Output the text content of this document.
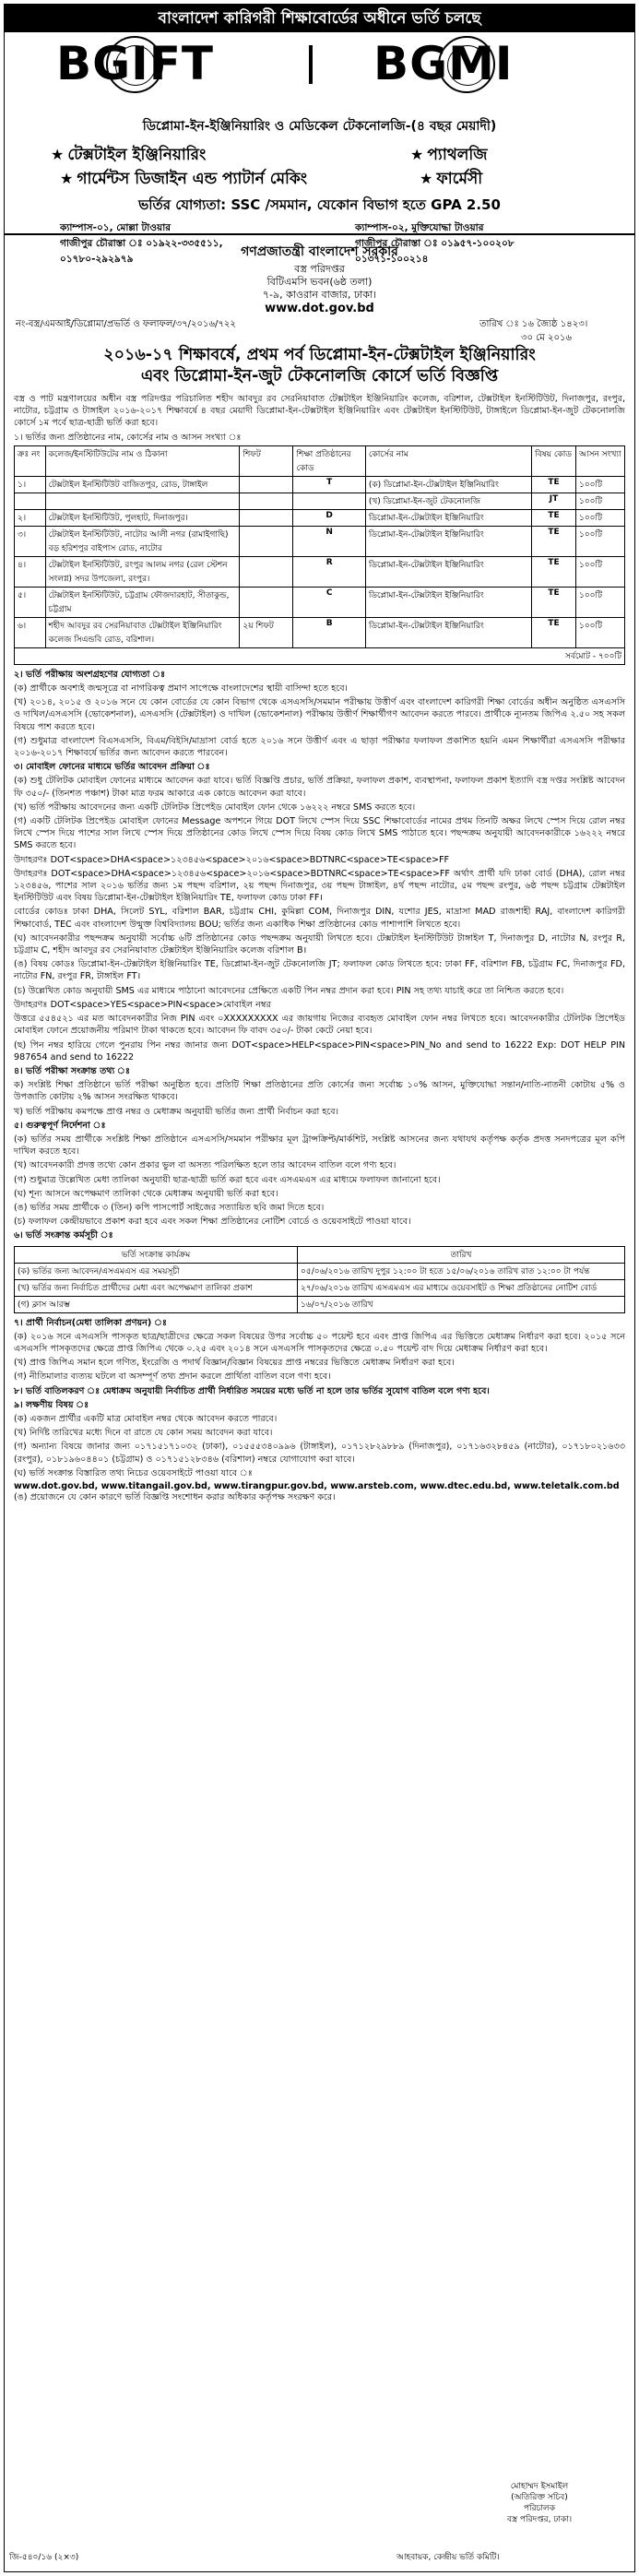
বাংলাদেশ কারিগরী শিক্ষাবোর্ডের অধীনে ভর্তি চলছে
BGIFT	BGMI
ডিপ্লোমা-ইন-ইঞ্জিনিয়ারিং ও মেডিকেল টেকনোলজি-(৪ বছর মেয়াদী)
★ টেক্সটাইল ইঞ্জিনিয়ারিং	★ প্যাথলজি
★ গার্মেন্টস ডিজাইন এন্ড প্যাটার্ন মেকিং	★ ফার্মেসী
ভর্তির যোগ্যতা: SSC /সমমান, যেকোন বিভাগ হতে GPA 2.50
ক্যাম্পাস-০১, মোল্লা টাওয়ার
গাজীপুর চৌরাস্তা ঃ ০১৯২২-৩৩৫৫১১,
০১৭৮০-২৯২৯৭৯
ক্যাম্পাস-০২, মুক্তিযোদ্ধা টাওয়ার
গাজীপুর চৌরাস্তা ঃ ০১৯৫৭-১০০২০৮
০১৩৭১-১০০২১৪
গণপ্রজাতন্ত্রী বাংলাদেশ সরকার
বস্ত্র পরিদপ্তর
বিটিএমসি ভবন(৬ষ্ঠ তলা)
৭-৯, কাওরান বাজার, ঢাকা।
www.dot.gov.bd
নং-বস্ত্র/এমআই/ডিপ্লোমা/প্রভর্তি ও ফলাফল/৩৭/২০১৬/৭২২	তারিখ ঃ ১৬ জ্যৈষ্ঠ ১৪২৩।
৩০ মে ২০১৬
২০১৬-১৭ শিক্ষাবর্ষে, প্রথম পর্ব ডিপ্লোমা-ইন-টেক্সটাইল ইঞ্জিনিয়ারিং
এবং ডিপ্লোমা-ইন-জুট টেকনোলজি কোর্সে ভর্তি বিজ্ঞপ্তি

বস্ত্র ও পাট মন্ত্রণালয়ের অধীন বস্ত্র পরিদপ্তর পরিচালিত শহীদ আবদুর রব সেরনিয়াবাত টেক্সটাইল ইঞ্জিনিয়ারিং কলেজ, বরিশাল, টেক্সটাইল ইনস্টিটিউট, দিনাজপুর, রংপুর, নাটোর, চট্টগ্রাম ও টাঙ্গাইল ২০১৬-২০১৭ শিক্ষাবর্ষে ৪ বছর মেয়াদী ডিপ্লোমা-ইন-টেক্সটাইল ইঞ্জিনিয়ারিং এবং টেক্সটাইল ইনস্টিটিউট, টাঙ্গাইলে ডিপ্লোমা-ইন-জুট টেকনোলজি কোর্সে ১ম পর্বে ছাত্র-ছাত্রী ভর্তি করা হবে।

১। ভর্তির জন্য প্রতিষ্ঠানের নাম, কোর্সের নাম ও আসন সংখ্যা ঃ

ক্রঃ নং	কলেজ/ইনস্টিটিউটের নাম ও ঠিকানা	শিফট	শিক্ষা প্রতিষ্ঠানের কোড	কোর্সের নাম	বিষয় কোড	আসন সংখ্যা
১।	টেক্সটাইল ইনস্টিটিউট বাজিতপুর, রোড, টাঙ্গাইল		T	(ক) ডিপ্লোমা-ইন-টেক্সটাইল ইঞ্জিনিয়ারিং	TE	১০০টি
				(খ) ডিপ্লোমা-ইন-জুট টেকনোলজি	JT	১০০টি
২।	টেক্সটাইল ইনস্টিটিউট, পুলহাট, দিনাজপুর।		D	ডিপ্লোমা-ইন-টেক্সটাইল ইঞ্জিনিয়ারিং	TE	১০০টি
৩।	টেক্সটাইল ইনস্টিটিউট, নাটোর আলী নগর (রামাইগাছি) বড় হরিশপুর বাইপাস রোড, নাটোর		N	ডিপ্লোমা-ইন-টেক্সটাইল ইঞ্জিনিয়ারিং	TE	১০০টি
৪।	টেক্সটাইল ইনস্টিটিউট, রংপুর আলম নগর (রেল স্টেশন সংলগ্ন) সদর উপজেলা, রংপুর।		R	ডিপ্লোমা-ইন-টেক্সটাইল ইঞ্জিনিয়ারিং	TE	১০০টি
৫।	টেক্সটাইল ইনস্টিটিউট, চট্টগ্রাম ফৌজদারহাট, সীতাকুন্ড, চট্টগ্রাম		C	ডিপ্লোমা-ইন-টেক্সটাইল ইঞ্জিনিয়ারিং	TE	১০০টি
৬।	শহীদ আবদুর রব সেরনিয়াবাত টেক্সটাইল ইঞ্জিনিয়ারিং কলেজ সিএন্ডবি রোড, বরিশাল।	২য় শিফট	B	ডিপ্লোমা-ইন-টেক্সটাইল ইঞ্জিনিয়ারিং	TE	১০০টি
সর্বমোট - ৭০০টি						

২। ভর্তি পরীক্ষায় অংশগ্রহণের যোগ্যতা ঃ

(ক) প্রার্থীকে অবশ্যই জন্মসূত্রে বা নাগরিকত্ব প্রমাণ সাপেক্ষে বাংলাদেশের স্থায়ী বাসিন্দা হতে হবে।

(খ) ২০১৪, ২০১৫ ও ২০১৬ সনে যে কোন বোর্ডের যে কোন বিভাগ থেকে এসএসসি/সমমান পরীক্ষায় উত্তীর্ণ এবং বাংলাদেশ কারিগরী শিক্ষা বোর্ডের অধীন অনুষ্ঠিত এসএসসি ও দাখিল/এসএসসি (ভোকেশনাল), এসএসসি (টেক্সটাইল) ও দাখিল (ভোকেশনাল) পরীক্ষায় উত্তীর্ণ শিক্ষার্থীগণ আবেদন করতে পারবে। প্রার্থীকে ন্যূনতম জিপিএ ২.৫০ সহ সকল বিষয়ে পাশ করতে হবে।

(গ) শুধুমাত্র বাংলাদেশ বিএসএসসি, বিএম/বিইসি/মাদ্রাসা বোর্ড হতে ২০১৬ সনে উত্তীর্ণ এবং এ ছাড়া পরীক্ষার ফলাফল প্রকাশিত হয়নি এমন শিক্ষার্থীরা এসএসসি পরীক্ষার ২০১৬-২০১৭ শিক্ষাবর্ষে ভর্তির জন্য আবেদন করতে পারবেন।

৩। মোবাইল ফোনের মাধ্যমে ভর্তির আবেদন প্রক্রিয়া ঃ

(ক) শুধু টেলিটক মোবাইল ফোনের মাধ্যমে আবেদন করা যাবে। ভর্তি বিজ্ঞপ্তি প্রচার, ভর্তি প্রক্রিয়া, ফলাফল প্রকাশ, ব্যবস্থাপনা, ফলাফল প্রকাশ ইত্যাদি বস্ত্র দপ্তর সংশ্লিষ্ট আবেদন ফি ৩৫০/- (তিনশত পঞ্চাশ) টাকা মাত্র ফরম আকারে এক কোডে আবেদন করা যাবে।

(খ) ভর্তি পরীক্ষায় আবেদনের জন্য একটি টেলিটক প্রিপেইড মোবাইল ফোন থেকে ১৬২২২ নম্বরে SMS করতে হবে।

(গ) একটি টেলিটক প্রিপেইড মোবাইল ফোনের Message অপশনে গিয়ে DOT লিখে স্পেস দিয়ে SSC শিক্ষাবোর্ডের নামের প্রথম তিনটি অক্ষর লিখে স্পেস দিয়ে রোল নম্বর লিখে স্পেস দিয়ে পাশের সাল লিখে স্পেস দিয়ে প্রতিষ্ঠানের কোড লিখে স্পেস দিয়ে বিষয় কোড লিখে SMS পাঠাতে হবে। পছন্দক্রম অনুযায়ী আবেদনকারীকে ১৬২২২ নম্বরে SMS করতে হবে।

উদাহরণঃ DOT<space>DHA<space>১২৩৪৫৬<space>২০১৬<space>BDTNRC<space>TE<space>FF

উদাহরণঃ DOT<space>DHA<space>১২৩৪৫৬<space>২০১৬<space>BDTNRC<space>TE<space>FF অর্থাৎ প্রার্থী যদি ঢাকা বোর্ড (DHA), রোল নম্বর ১২৩৪৫৬, পাশের সাল ২০১৬ ভর্তির জন্য ১ম পছন্দ বরিশাল, ২য় পছন্দ দিনাজপুর, ৩য় পছন্দ টাঙ্গাইল, ৪র্থ পছন্দ নাটোর, ৫ম পছন্দ রংপুর, ৬ষ্ঠ পছন্দ চট্টগ্রাম টেক্সটাইল ইনস্টিটিউট এবং বিষয় ডিপ্লোমা-ইন-টেক্সটাইল ইঞ্জিনিয়ারিং TE, ফলাফল কোড ঢাকা FF।

বোর্ডের কোডঃ ঢাকা DHA, সিলেট SYL, বরিশাল BAR, চট্টগ্রাম CHI, কুমিল্লা COM, দিনাজপুর DIN, যশোর JES, মাদ্রাসা MAD রাজশাহী RAJ, বাংলাদেশ কারিগরী শিক্ষাবোর্ড, TEC এবং বাংলাদেশ উন্মুক্ত বিশ্ববিদ্যালয় BOU; ভর্তির জন্য একাধিক শিক্ষা প্রতিষ্ঠানের কোড পাশাপাশি লিখতে হবে।

(ঘ) আবেদনকারীর পছন্দক্রম অনুযায়ী সর্বোচ্চ ৬টি প্রতিষ্ঠানের কোড পছন্দক্রম অনুযায়ী লিখতে হবে। টেক্সটাইল ইনস্টিটিউট টাঙ্গাইল T, দিনাজপুর D, নাটোর N, রংপুর R, চট্টগ্রাম C, শহীদ আবদুর রব সেরনিয়াবাত টেক্সটাইল ইঞ্জিনিয়ারিং কলেজ বরিশাল B।

(ঙ) বিষয় কোডঃ ডিপ্লোমা-ইন-টেক্সটাইল ইঞ্জিনিয়ারিং TE, ডিপ্লোমা-ইন-জুট টেকনোলজি JT; ফলাফল কোড লিখতে হবে: ঢাকা FF, বরিশাল FB, চট্টগ্রাম FC, দিনাজপুর FD, নাটোর FN, রংপুর FR, টাঙ্গাইল FT।

(চ) উল্লেখিত কোড অনুযায়ী SMS এর মাধ্যমে পাঠানো আবেদনের প্রেক্ষিতে একটি পিন নম্বর প্রদান করা হবে। PIN সহ তথ্য যাচাই করে তা নিশ্চিত করতে হবে।

উদাহরণঃ DOT<space>YES<space>PIN<space>মোবাইল নম্বর

উত্তরে ৫৫৪৫২১ এর মত আবেদনকারীর নিজ PIN এবং ০XXXXXXXXX এর জায়গায় নিজের ব্যবহৃত মোবাইল ফোন নম্বর লিখতে হবে। আবেদনকারীর টেলিটক প্রিপেইড মোবাইল ফোনে প্রয়োজনীয় পরিমাণ টাকা থাকতে হবে। আবেদন ফি বাবদ ৩৫০/- টাকা কেটে নেয়া হবে।

(ছ) পিন নম্বর হারিয়ে গেলে পুনরায় পিন নম্বর জানার জন্য DOT<space>HELP<space>PIN<space>PIN_No and send to 16222 Exp: DOT HELP PIN 987654 and send to 16222

৪। ভর্তি পরীক্ষা সংক্রান্ত তথ্য ঃ

ক) সংশ্লিষ্ট শিক্ষা প্রতিষ্ঠানে ভর্তি পরীক্ষা অনুষ্ঠিত হবে। প্রতিটি শিক্ষা প্রতিষ্ঠানের প্রতি কোর্সের জন্য সর্বোচ্চ ১০% আসন, মুক্তিযোদ্ধা সন্তান/নাতি-নাতনী কোটায় ৫% ও উপজাতি কোটায় ২% আসন সংরক্ষিত থাকবে।

খ) ভর্তি পরীক্ষায় কমপক্ষে প্রাপ্ত নম্বর ও মেধাক্রম অনুযায়ী ভর্তির জন্য প্রার্থী নির্বাচন করা হবে।

৫। গুরুত্বপূর্ণ নির্দেশনা ঃ

(ক) ভর্তির সময় প্রার্থীকে সংশ্লিষ্ট শিক্ষা প্রতিষ্ঠানে এসএসসি/সমমান পরীক্ষার মূল ট্রান্সক্রিপ্ট/মার্কশিট, সংশ্লিষ্ট আসনের জন্য যথাযথ কর্তৃপক্ষ কর্তৃক প্রদত্ত সনদপত্রের মূল কপি দাখিল করতে হবে।

(খ) আবেদনকারী প্রদত্ত তথ্যে কোন প্রকার ভুল বা অসত্য পরিলক্ষিত হলে তার আবেদন বাতিল বলে গণ্য হবে।

(গ) শুধুমাত্র উল্লেখিত মেধা তালিকা অনুযায়ী ছাত্র-ছাত্রী ভর্তি করা হবে এবং এসএমএস এর মাধ্যমে ফলাফল জানানো হবে।

(ঘ) শূন্য আসনে অপেক্ষমাণ তালিকা থেকে মেধাক্রম অনুযায়ী ভর্তি করা হবে।

(ঙ) ভর্তির সময় প্রার্থীকে ৩ (তিন) কপি পাসপোর্ট সাইজের সত্যায়িত ছবি জমা দিতে হবে।

(চ) ফলাফল কেন্দ্রীয়ভাবে প্রকাশ করা হবে এবং সকল শিক্ষা প্রতিষ্ঠানের নোটিশ বোর্ডে ও ওয়েবসাইটে পাওয়া যাবে।

৬। ভর্তি সংক্রান্ত কর্মসূচী ঃ

ভর্তি সংক্রান্ত কার্যক্রম	তারিখ
(ক) ভর্তির জন্য আবেদন/এসএমএস এর সময়সূচী	০৫/০৬/২০১৬ তারিখ দুপুর ১২:০০ টা হতে ১৫/০৬/২০১৬ তারিখ রাত ১২:০০ টা পর্যন্ত
(খ) ভর্তির জন্য নির্বাচিত প্রার্থীদের মেধা এবং অপেক্ষমাণ তালিকা প্রকাশ	২৭/০৬/২০১৬ তারিখ এসএমএস এর মাধ্যমে ওয়েবসাইট ও শিক্ষা প্রতিষ্ঠানের নোটিশ বোর্ড
(গ) ক্লাস আরম্ভ	১৬/০৭/২০১৬ তারিখ

৭। প্রার্থী নির্বাচন(মেধা তালিকা প্রণয়ন) ঃ

(ক) ২০১৬ সনে এসএসসি পাসকৃত ছাত্র/ছাত্রীদের ক্ষেত্রে সকল বিষয়ের উপর সর্বোচ্চ ৫০ পয়েন্ট হবে এবং প্রাপ্ত জিপিএ এর ভিত্তিতে মেধাক্রম নির্ধারণ করা হবে। ২০১৫ সনে এসএসসি পাসকৃতদের ক্ষেত্রে প্রাপ্ত জিপিএ থেকে ০.২৫ এবং ২০১৪ সনে এসএসসি পাসকৃতদের ক্ষেত্রে ০.৫০ পয়েন্ট বাদ দিয়ে মেধাক্রম নির্ধারণ করা হবে।

(খ) প্রাপ্ত জিপিএ সমান হলে গণিত, ইংরেজি ও পদার্থ বিজ্ঞান/বিজ্ঞান বিষয়ের প্রাপ্ত নম্বরের ভিত্তিতে মেধাক্রম নির্ধারণ করা হবে।

(গ) নীতিমালার ব্যত্যয় ঘটলে বা অসম্পূর্ণ তথ্য প্রদান করলে প্রার্থিতা বাতিল বলে গণ্য হবে।

৮। ভর্তি বাতিলকরণ ঃ মেধাক্রম অনুযায়ী নির্বাচিত প্রার্থী নির্ধারিত সময়ের মধ্যে ভর্তি না হলে তার ভর্তির সুযোগ বাতিল বলে গণ্য হবে।

৯। লক্ষণীয় বিষয় ঃ

(ক) একজন প্রার্থীর একটি মাত্র মোবাইল নম্বর থেকে আবেদন করতে পারবে।

(খ) নির্দিষ্ট তারিখের মধ্যে দিনে বা রাতে যে কোন সময় আবেদন করা যাবে।

(গ) অন্যান্য বিষয়ে জানার জন্য ০১৭১৫১৭১০৩২ (ঢাকা), ০১৫৫৫৩৪০৯৯৬ (টাঙ্গাইল), ০১৭১২৮২৯৮৮৯ (দিনাজপুর), ০১৭১৬৩২৮৪৫৯ (নাটোর), ০১৭১৮০২১৬৩৩ (রংপুর), ০১৮১৯৬০৪৪০১ (চট্টগ্রাম) ও ০১৭১৫১২৮৩৪৬ (বরিশাল) নম্বরে যোগাযোগ করা যাবে।

(ঘ) ভর্তি সংক্রান্ত বিস্তারিত তথ্য নিচের ওয়েবসাইটে পাওয়া যাবে ঃ

www.dot.gov.bd, www.titangail.gov.bd, www.tirangpur.gov.bd, www.arsteb.com, www.dtec.edu.bd, www.teletalk.com.bd

(ঙ) প্রয়োজনে যে কোন কারণে ভর্তি বিজ্ঞপ্তি সংশোধন করার অধিকার কর্তৃপক্ষ সংরক্ষণ করে।

মোহাম্মদ ইসমাইল
(অতিরিক্ত সচিব)
পরিচালক
বস্ত্র পরিদপ্তর, ঢাকা।
জি-৫৪০/১৬ (২×৩)	আহবায়ক, কেন্দ্রীয় ভর্তি কমিটি।
